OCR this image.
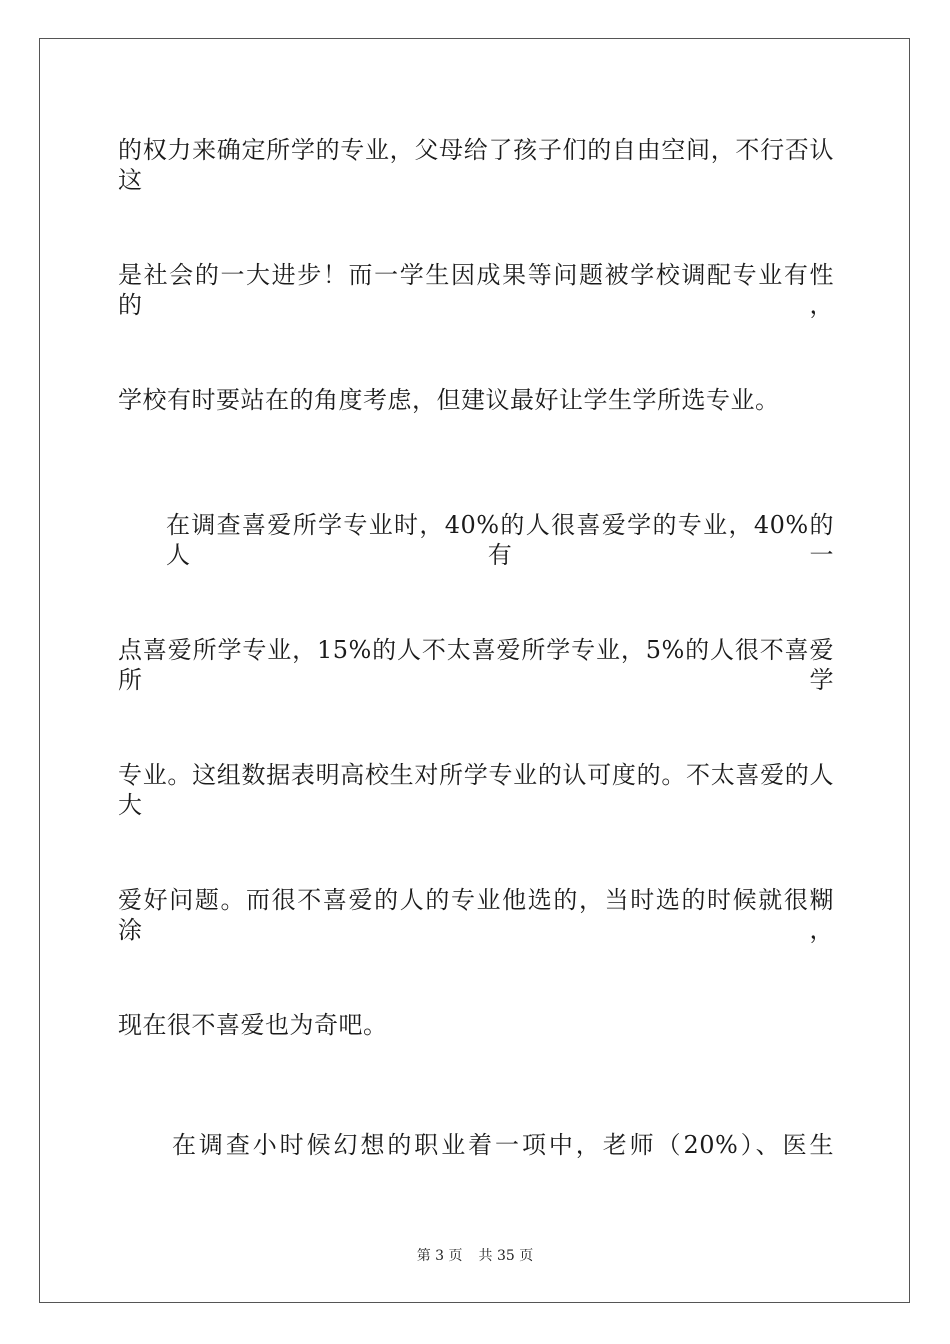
的权力来确定所学的专业，父母给了孩子们的自由空间，不行否认这
是社会的一大进步！而一学生因成果等问题被学校调配专业有性的，
学校有时要站在的角度考虑，但建议最好让学生学所选专业。
在调查喜爱所学专业时，40%的人很喜爱学的专业，40%的人有一
点喜爱所学专业，15%的人不太喜爱所学专业，5%的人很不喜爱所学
专业。这组数据表明高校生对所学专业的认可度的。不太喜爱的人大
爱好问题。而很不喜爱的人的专业他选的，当时选的时候就很糊涂，
现在很不喜爱也为奇吧。
在调查小时候幻想的职业着一项中，老师（20%）、医生
第 3 页 共 35 页
